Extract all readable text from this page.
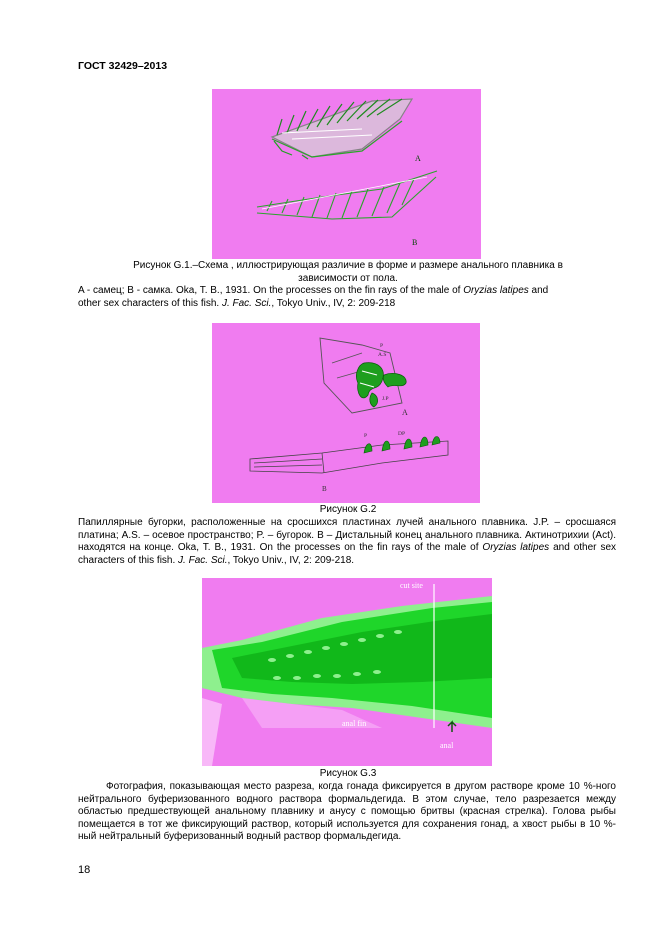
ГОСТ 32429–2013
A
B
Рисунок G.1.–Схема , иллюстрирующая различие в форме и размере анального плавника в
зависимости от пола.
A - самец; B - самка. Oka, T. B., 1931. On the processes on the fin rays of the male of Oryzias latipes and
other sex characters of this fish. J. Fac. Sci., Tokyo Univ., IV, 2: 209-218
P
A.S
J.P
A
P	DP
B
Рисунок G.2
Папиллярные бугорки, расположенные на сросшихся пластинах лучей анального плавника. J.P. – сросшаяся платина; A.S. – осевое пространство; P. – бугорок. B – Дистальный конец анального плавника. Актинотрихии (Act). находятся на конце. Oka, T. B., 1931. On the processes on the fin rays of the male of Oryzias latipes and other sex characters of this fish. J. Fac. Sci., Tokyo Univ., IV, 2: 209-218.
cut site
anal fin
anal
Рисунок G.3
Фотография, показывающая место разреза, когда гонада фиксируется в другом растворе кроме 10 %-ного нейтрального буферизованного водного раствора формальдегида. В этом случае, тело разрезается между областью предшествующей анальному плавнику и анусу с помощью бритвы (красная стрелка). Голова рыбы помещается в тот же фиксирующий раствор, который используется для сохранения гонад, а хвост рыбы в 10 %-ный нейтральный буферизованный водный раствор формальдегида.
18
